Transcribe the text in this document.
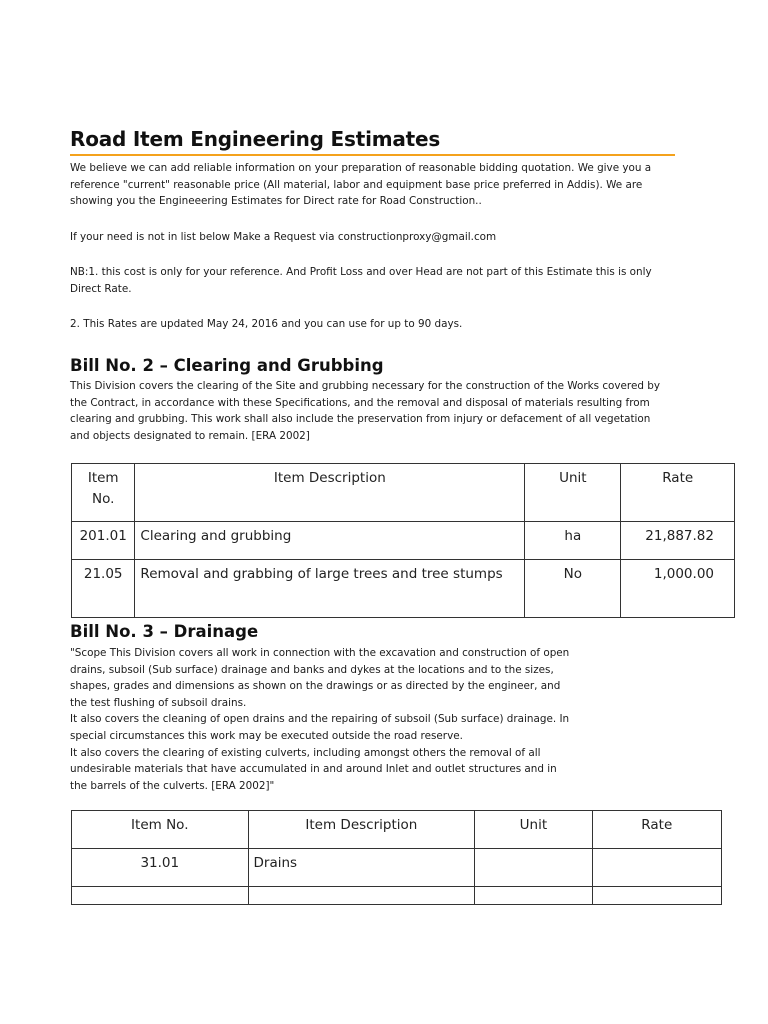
Road Item Engineering Estimates

We believe we can add reliable information on your preparation of reasonable bidding quotation. We give you a reference "current" reasonable price (All material, labor and equipment base price preferred in Addis). We are showing you the Engineeering Estimates for Direct rate for Road Construction..

If your need is not in list below Make a Request via constructionproxy@gmail.com

NB:1. this cost is only for your reference. And Profit Loss and over Head are not part of this Estimate this is only Direct Rate.

2. This Rates are updated May 24, 2016 and you can use for up to 90 days.

Bill No. 2 – Clearing and Grubbing

This Division covers the clearing of the Site and grubbing necessary for the construction of the Works covered by the Contract, in accordance with these Specifications, and the removal and disposal of materials resulting from clearing and grubbing. This work shall also include the preservation from injury or defacement of all vegetation and objects designated to remain. [ERA 2002]

Item No.	Item Description	Unit	Rate
201.01	Clearing and grubbing	ha	21,887.82
21.05	Removal and grabbing of large trees and tree stumps	No	1,000.00
Bill No. 3 – Drainage

"Scope This Division covers all work in connection with the excavation and construction of open drains, subsoil (Sub surface) drainage and banks and dykes at the locations and to the sizes, shapes, grades and dimensions as shown on the drawings or as directed by the engineer, and the test flushing of subsoil drains.

It also covers the cleaning of open drains and the repairing of subsoil (Sub surface) drainage. In special circumstances this work may be executed outside the road reserve.

It also covers the clearing of existing culverts, including amongst others the removal of all undesirable materials that have accumulated in and around Inlet and outlet structures and in the barrels of the culverts. [ERA 2002]"

Item No.	Item Description	Unit	Rate
31.01	Drains		
